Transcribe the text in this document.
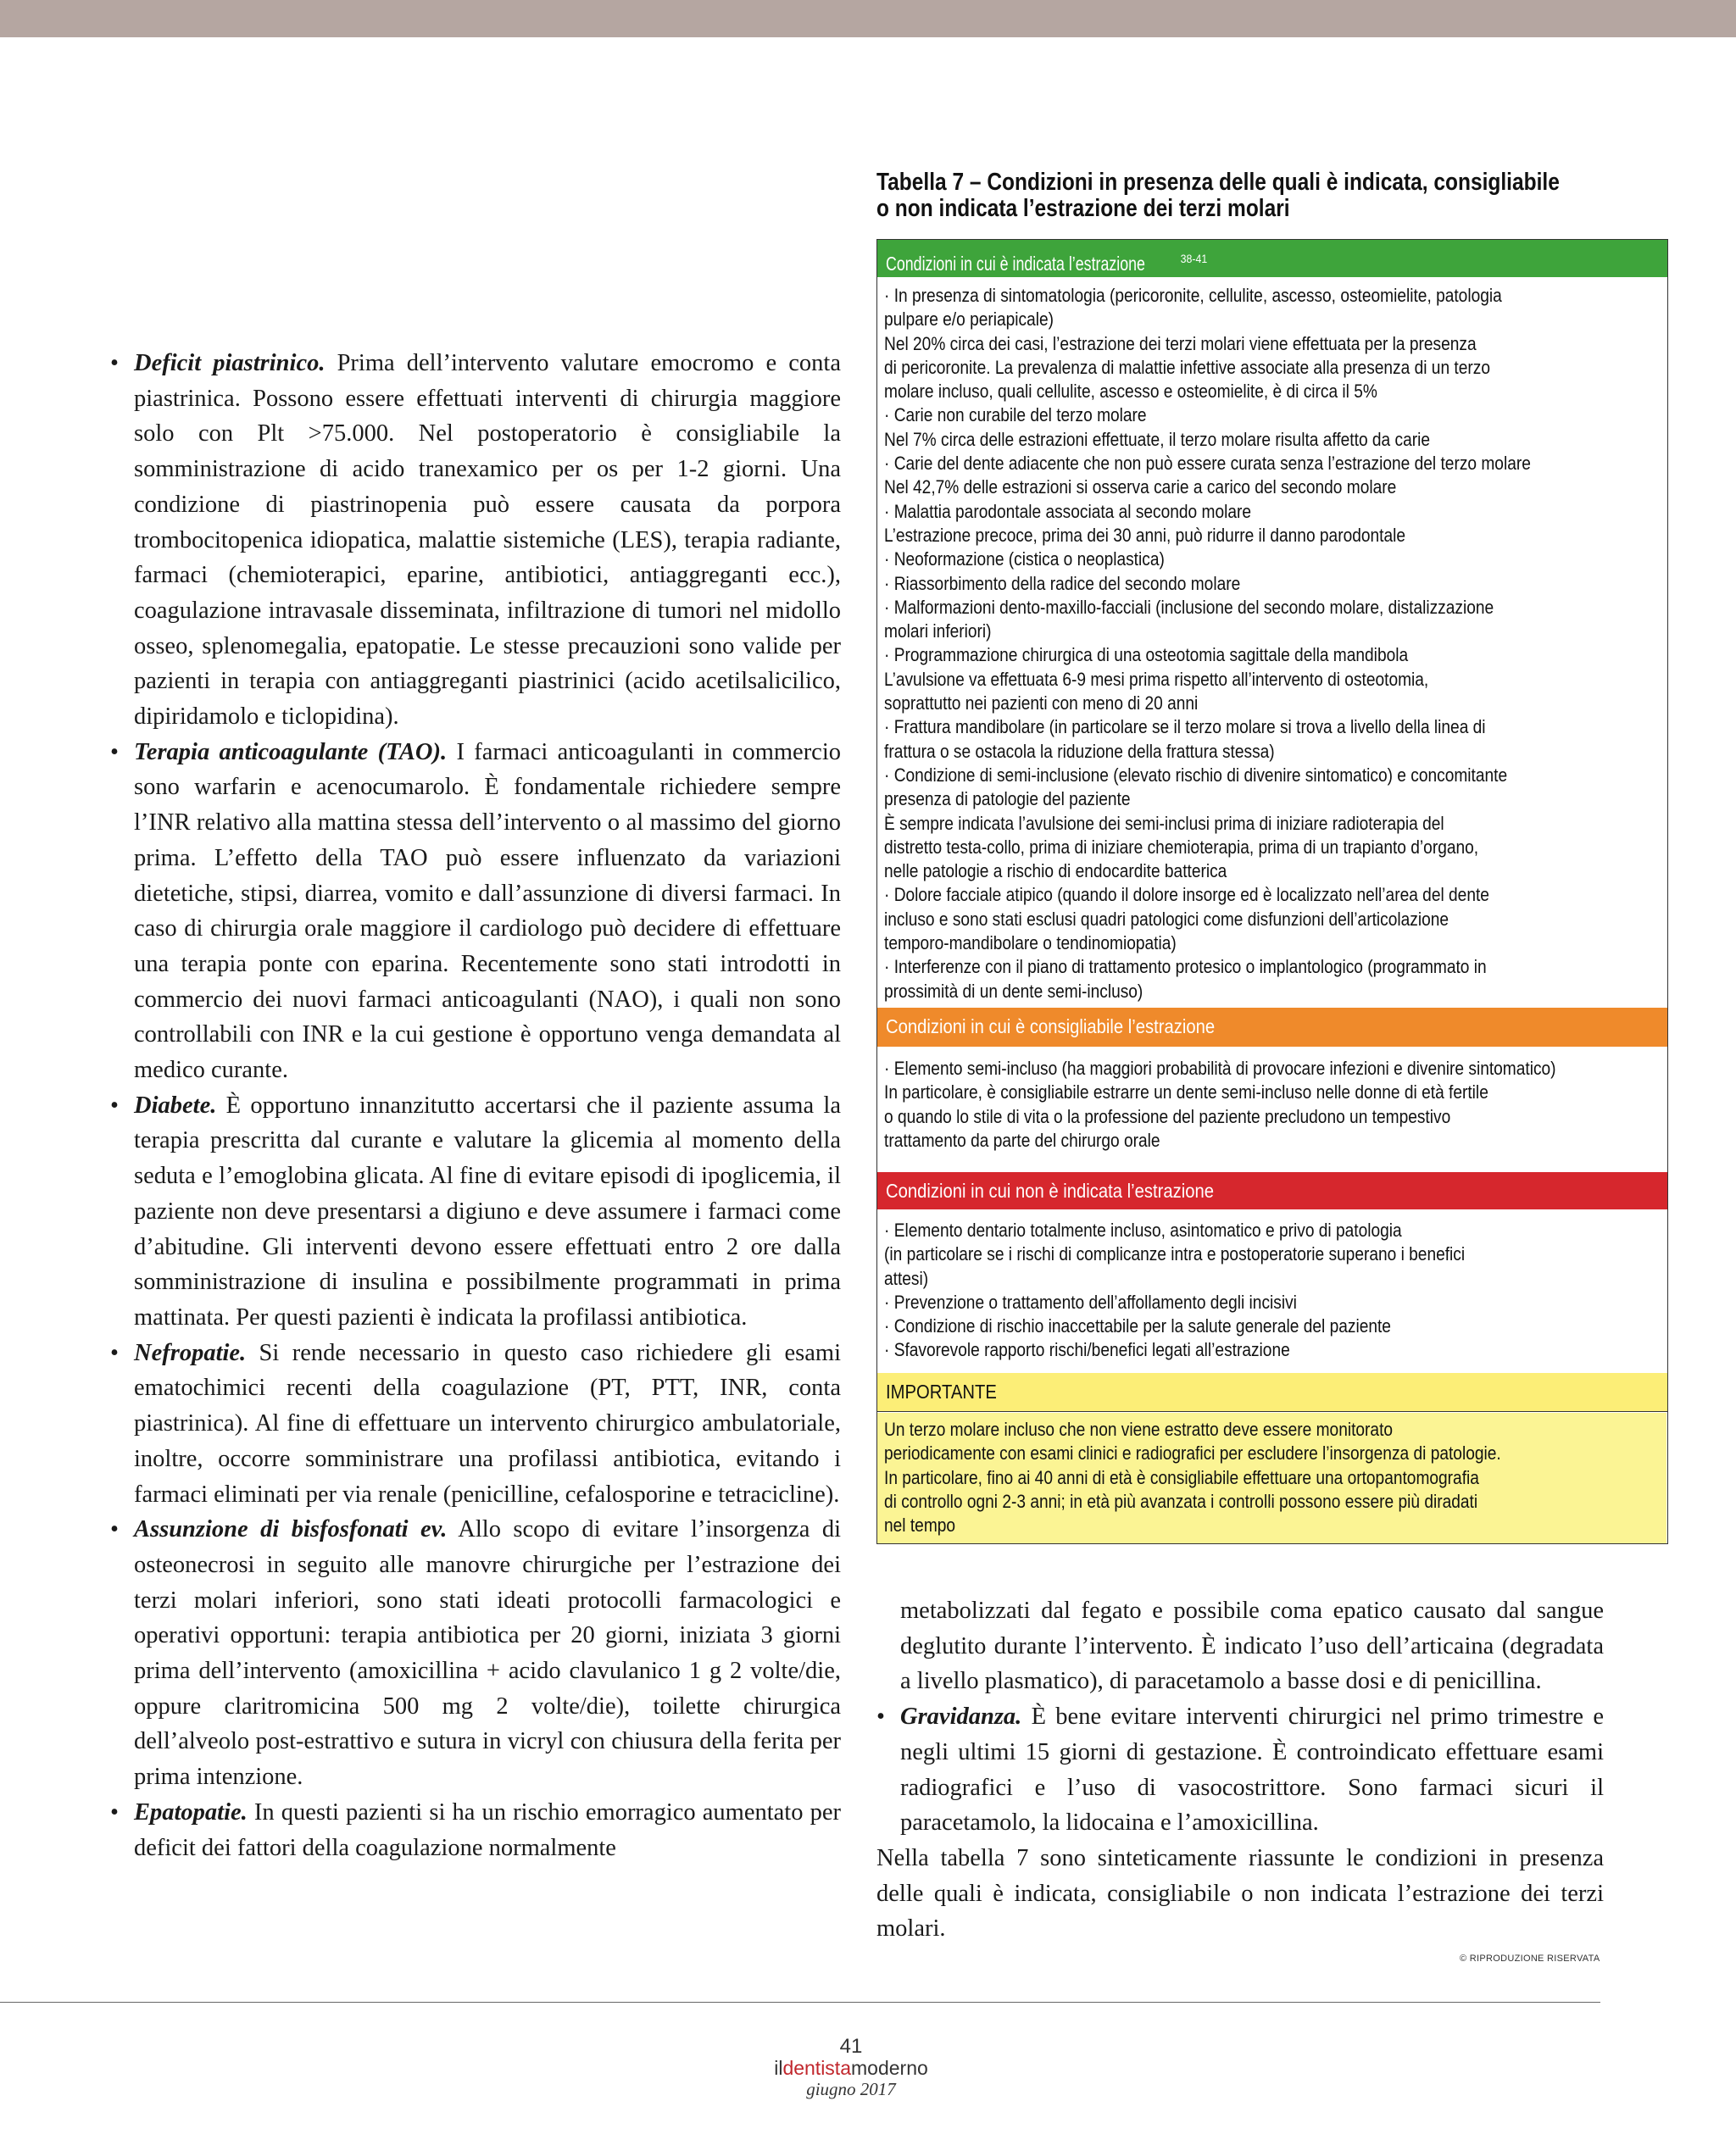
• Deficit piastrinico. Prima dell’intervento valutare emocromo e conta piastrinica. Possono essere effettuati interventi di chirurgia maggiore solo con Plt >75.000. Nel postoperatorio è consigliabile la somministrazione di acido tranexamico per os per 1-2 giorni. Una condizione di piastrinopenia può essere causata da porpora trombocitopenica idiopatica, malattie sistemiche (LES), terapia radiante, farmaci (chemioterapici, eparine, antibiotici, antiaggreganti ecc.), coagulazione intravasale disseminata, infiltrazione di tumori nel midollo osseo, splenomegalia, epatopatie. Le stesse precauzioni sono valide per pazienti in terapia con antiaggreganti piastrinici (acido acetilsalicilico, dipiridamolo e ticlopidina).

• Terapia anticoagulante (TAO). I farmaci anticoagulanti in commercio sono warfarin e acenocumarolo. È fondamentale richiedere sempre l’INR relativo alla mattina stessa dell’intervento o al massimo del giorno prima. L’effetto della TAO può essere influenzato da variazioni dietetiche, stipsi, diarrea, vomito e dall’assunzione di diversi farmaci. In caso di chirurgia orale maggiore il cardiologo può decidere di effettuare una terapia ponte con eparina. Recentemente sono stati introdotti in commercio dei nuovi farmaci anticoagulanti (NAO), i quali non sono controllabili con INR e la cui gestione è opportuno venga demandata al medico curante.

• Diabete. È opportuno innanzitutto accertarsi che il paziente assuma la terapia prescritta dal curante e valutare la glicemia al momento della seduta e l’emoglobina glicata. Al fine di evitare episodi di ipoglicemia, il paziente non deve presentarsi a digiuno e deve assumere i farmaci come d’abitudine. Gli interventi devono essere effettuati entro 2 ore dalla somministrazione di insulina e possibilmente programmati in prima mattinata. Per questi pazienti è indicata la profilassi antibiotica.

• Nefropatie. Si rende necessario in questo caso richiedere gli esami ematochimici recenti della coagulazione (PT, PTT, INR, conta piastrinica). Al fine di effettuare un intervento chirurgico ambulatoriale, inoltre, occorre somministrare una profilassi antibiotica, evitando i farmaci eliminati per via renale (penicilline, cefalosporine e tetracicline).

• Assunzione di bisfosfonati ev. Allo scopo di evitare l’insorgenza di osteonecrosi in seguito alle manovre chirurgiche per l’estrazione dei terzi molari inferiori, sono stati ideati protocolli farmacologici e operativi opportuni: terapia antibiotica per 20 giorni, iniziata 3 giorni prima dell’intervento (amoxicillina + acido clavulanico 1 g 2 volte/die, oppure claritromicina 500 mg 2 volte/die), toilette chirurgica dell’alveolo post-estrattivo e sutura in vicryl con chiusura della ferita per prima intenzione.

• Epatopatie. In questi pazienti si ha un rischio emorragico aumentato per deficit dei fattori della coagulazione normalmente

Tabella 7 – Condizioni in presenza delle quali è indicata, consigliabile
o non indicata l’estrazione dei terzi molari
Condizioni in cui è indicata l’estrazione	$^{38-41}$
· In presenza di sintomatologia (pericoronite, cellulite, ascesso, osteomielite, patologia
pulpare e/o periapicale)
Nel 20% circa dei casi, l’estrazione dei terzi molari viene effettuata per la presenza
di pericoronite. La prevalenza di malattie infettive associate alla presenza di un terzo
molare incluso, quali cellulite, ascesso e osteomielite, è di circa il 5%
· Carie non curabile del terzo molare
Nel 7% circa delle estrazioni effettuate, il terzo molare risulta affetto da carie
· Carie del dente adiacente che non può essere curata senza l’estrazione del terzo molare
Nel 42,7% delle estrazioni si osserva carie a carico del secondo molare
· Malattia parodontale associata al secondo molare
L’estrazione precoce, prima dei 30 anni, può ridurre il danno parodontale
· Neoformazione (cistica o neoplastica)
· Riassorbimento della radice del secondo molare
· Malformazioni dento-maxillo-facciali (inclusione del secondo molare, distalizzazione
molari inferiori)
· Programmazione chirurgica di una osteotomia sagittale della mandibola
L’avulsione va effettuata 6-9 mesi prima rispetto all’intervento di osteotomia,
soprattutto nei pazienti con meno di 20 anni
· Frattura mandibolare (in particolare se il terzo molare si trova a livello della linea di
frattura o se ostacola la riduzione della frattura stessa)
· Condizione di semi-inclusione (elevato rischio di divenire sintomatico) e concomitante
presenza di patologie del paziente
È sempre indicata l’avulsione dei semi-inclusi prima di iniziare radioterapia del
distretto testa-collo, prima di iniziare chemioterapia, prima di un trapianto d’organo,
nelle patologie a rischio di endocardite batterica
· Dolore facciale atipico (quando il dolore insorge ed è localizzato nell’area del dente
incluso e sono stati esclusi quadri patologici come disfunzioni dell’articolazione
temporo-mandibolare o tendinomiopatia)
· Interferenze con il piano di trattamento protesico o implantologico (programmato in
prossimità di un dente semi-incluso)
Condizioni in cui è consigliabile l’estrazione
· Elemento semi-incluso (ha maggiori probabilità di provocare infezioni e divenire sintomatico)
In particolare, è consigliabile estrarre un dente semi-incluso nelle donne di età fertile
o quando lo stile di vita o la professione del paziente precludono un tempestivo
trattamento da parte del chirurgo orale
Condizioni in cui non è indicata l’estrazione
· Elemento dentario totalmente incluso, asintomatico e privo di patologia
(in particolare se i rischi di complicanze intra e postoperatorie superano i benefici
attesi)
· Prevenzione o trattamento dell’affollamento degli incisivi
· Condizione di rischio inaccettabile per la salute generale del paziente
· Sfavorevole rapporto rischi/benefici legati all’estrazione
IMPORTANTE
Un terzo molare incluso che non viene estratto deve essere monitorato
periodicamente con esami clinici e radiografici per escludere l’insorgenza di patologie.
In particolare, fino ai 40 anni di età è consigliabile effettuare una ortopantomografia
di controllo ogni 2-3 anni; in età più avanzata i controlli possono essere più diradati
nel tempo

metabolizzati dal fegato e possibile coma epatico causato dal sangue deglutito durante l’intervento. È indicato l’uso dell’articaina (degradata a livello plasmatico), di paracetamolo a basse dosi e di penicillina.

• Gravidanza. È bene evitare interventi chirurgici nel primo trimestre e negli ultimi 15 giorni di gestazione. È controindicato effettuare esami radiografici e l’uso di vasocostrittore. Sono farmaci sicuri il paracetamolo, la lidocaina e l’amoxicillina.

Nella tabella 7 sono sinteticamente riassunte le condizioni in presenza delle quali è indicata, consigliabile o non indicata l’estrazione dei terzi molari.

© RIPRODUZIONE RISERVATA
41
ildentistamoderno
giugno 2017
